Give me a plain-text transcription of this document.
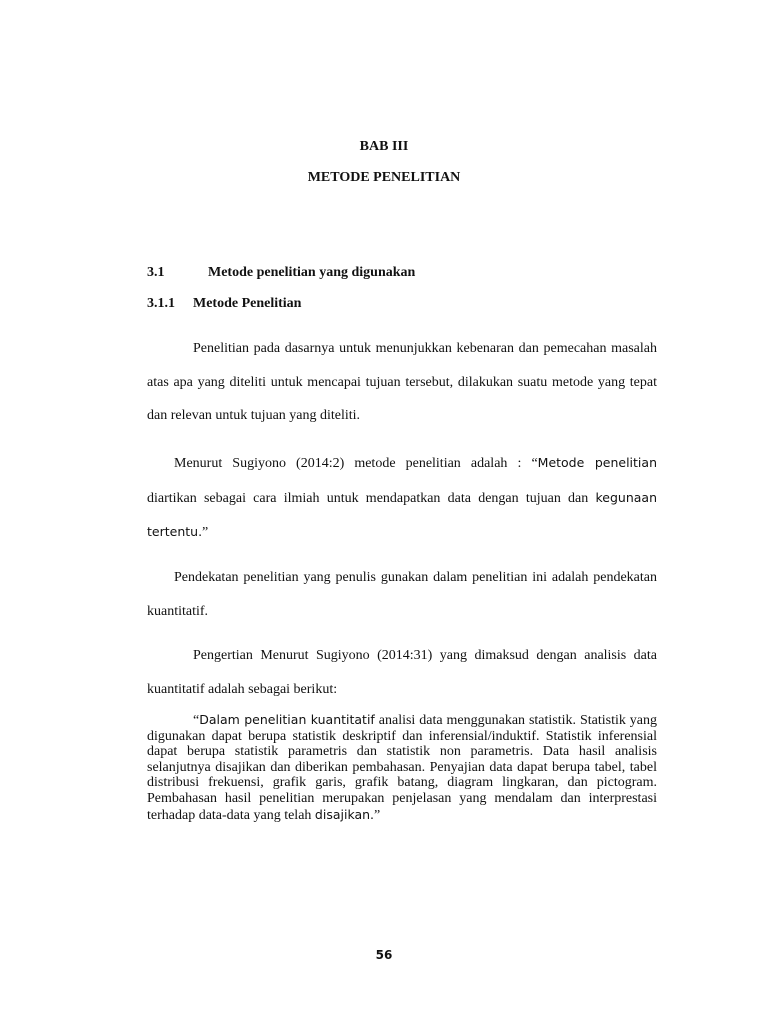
BAB III
METODE PENELITIAN
3.1	Metode penelitian yang digunakan
3.1.1 Metode Penelitian
Penelitian pada dasarnya untuk menunjukkan kebenaran dan pemecahan masalah atas apa yang diteliti untuk mencapai tujuan tersebut, dilakukan suatu metode yang tepat dan relevan untuk tujuan yang diteliti.
Menurut Sugiyono (2014:2) metode penelitian adalah : “Metode penelitian diartikan sebagai cara ilmiah untuk mendapatkan data dengan tujuan dan kegunaan tertentu.”
Pendekatan penelitian yang penulis gunakan dalam penelitian ini adalah pendekatan kuantitatif.
Pengertian Menurut Sugiyono (2014:31) yang dimaksud dengan analisis data kuantitatif adalah sebagai berikut:
“Dalam penelitian kuantitatif analisi data menggunakan statistik. Statistik yang digunakan dapat berupa statistik deskriptif dan inferensial/induktif. Statistik inferensial dapat berupa statistik parametris dan statistik non parametris. Data hasil analisis selanjutnya disajikan dan diberikan pembahasan. Penyajian data dapat berupa tabel, tabel distribusi frekuensi, grafik garis, grafik batang, diagram lingkaran, dan pictogram. Pembahasan hasil penelitian merupakan penjelasan yang mendalam dan interprestasi terhadap data-data yang telah disajikan.”
56
